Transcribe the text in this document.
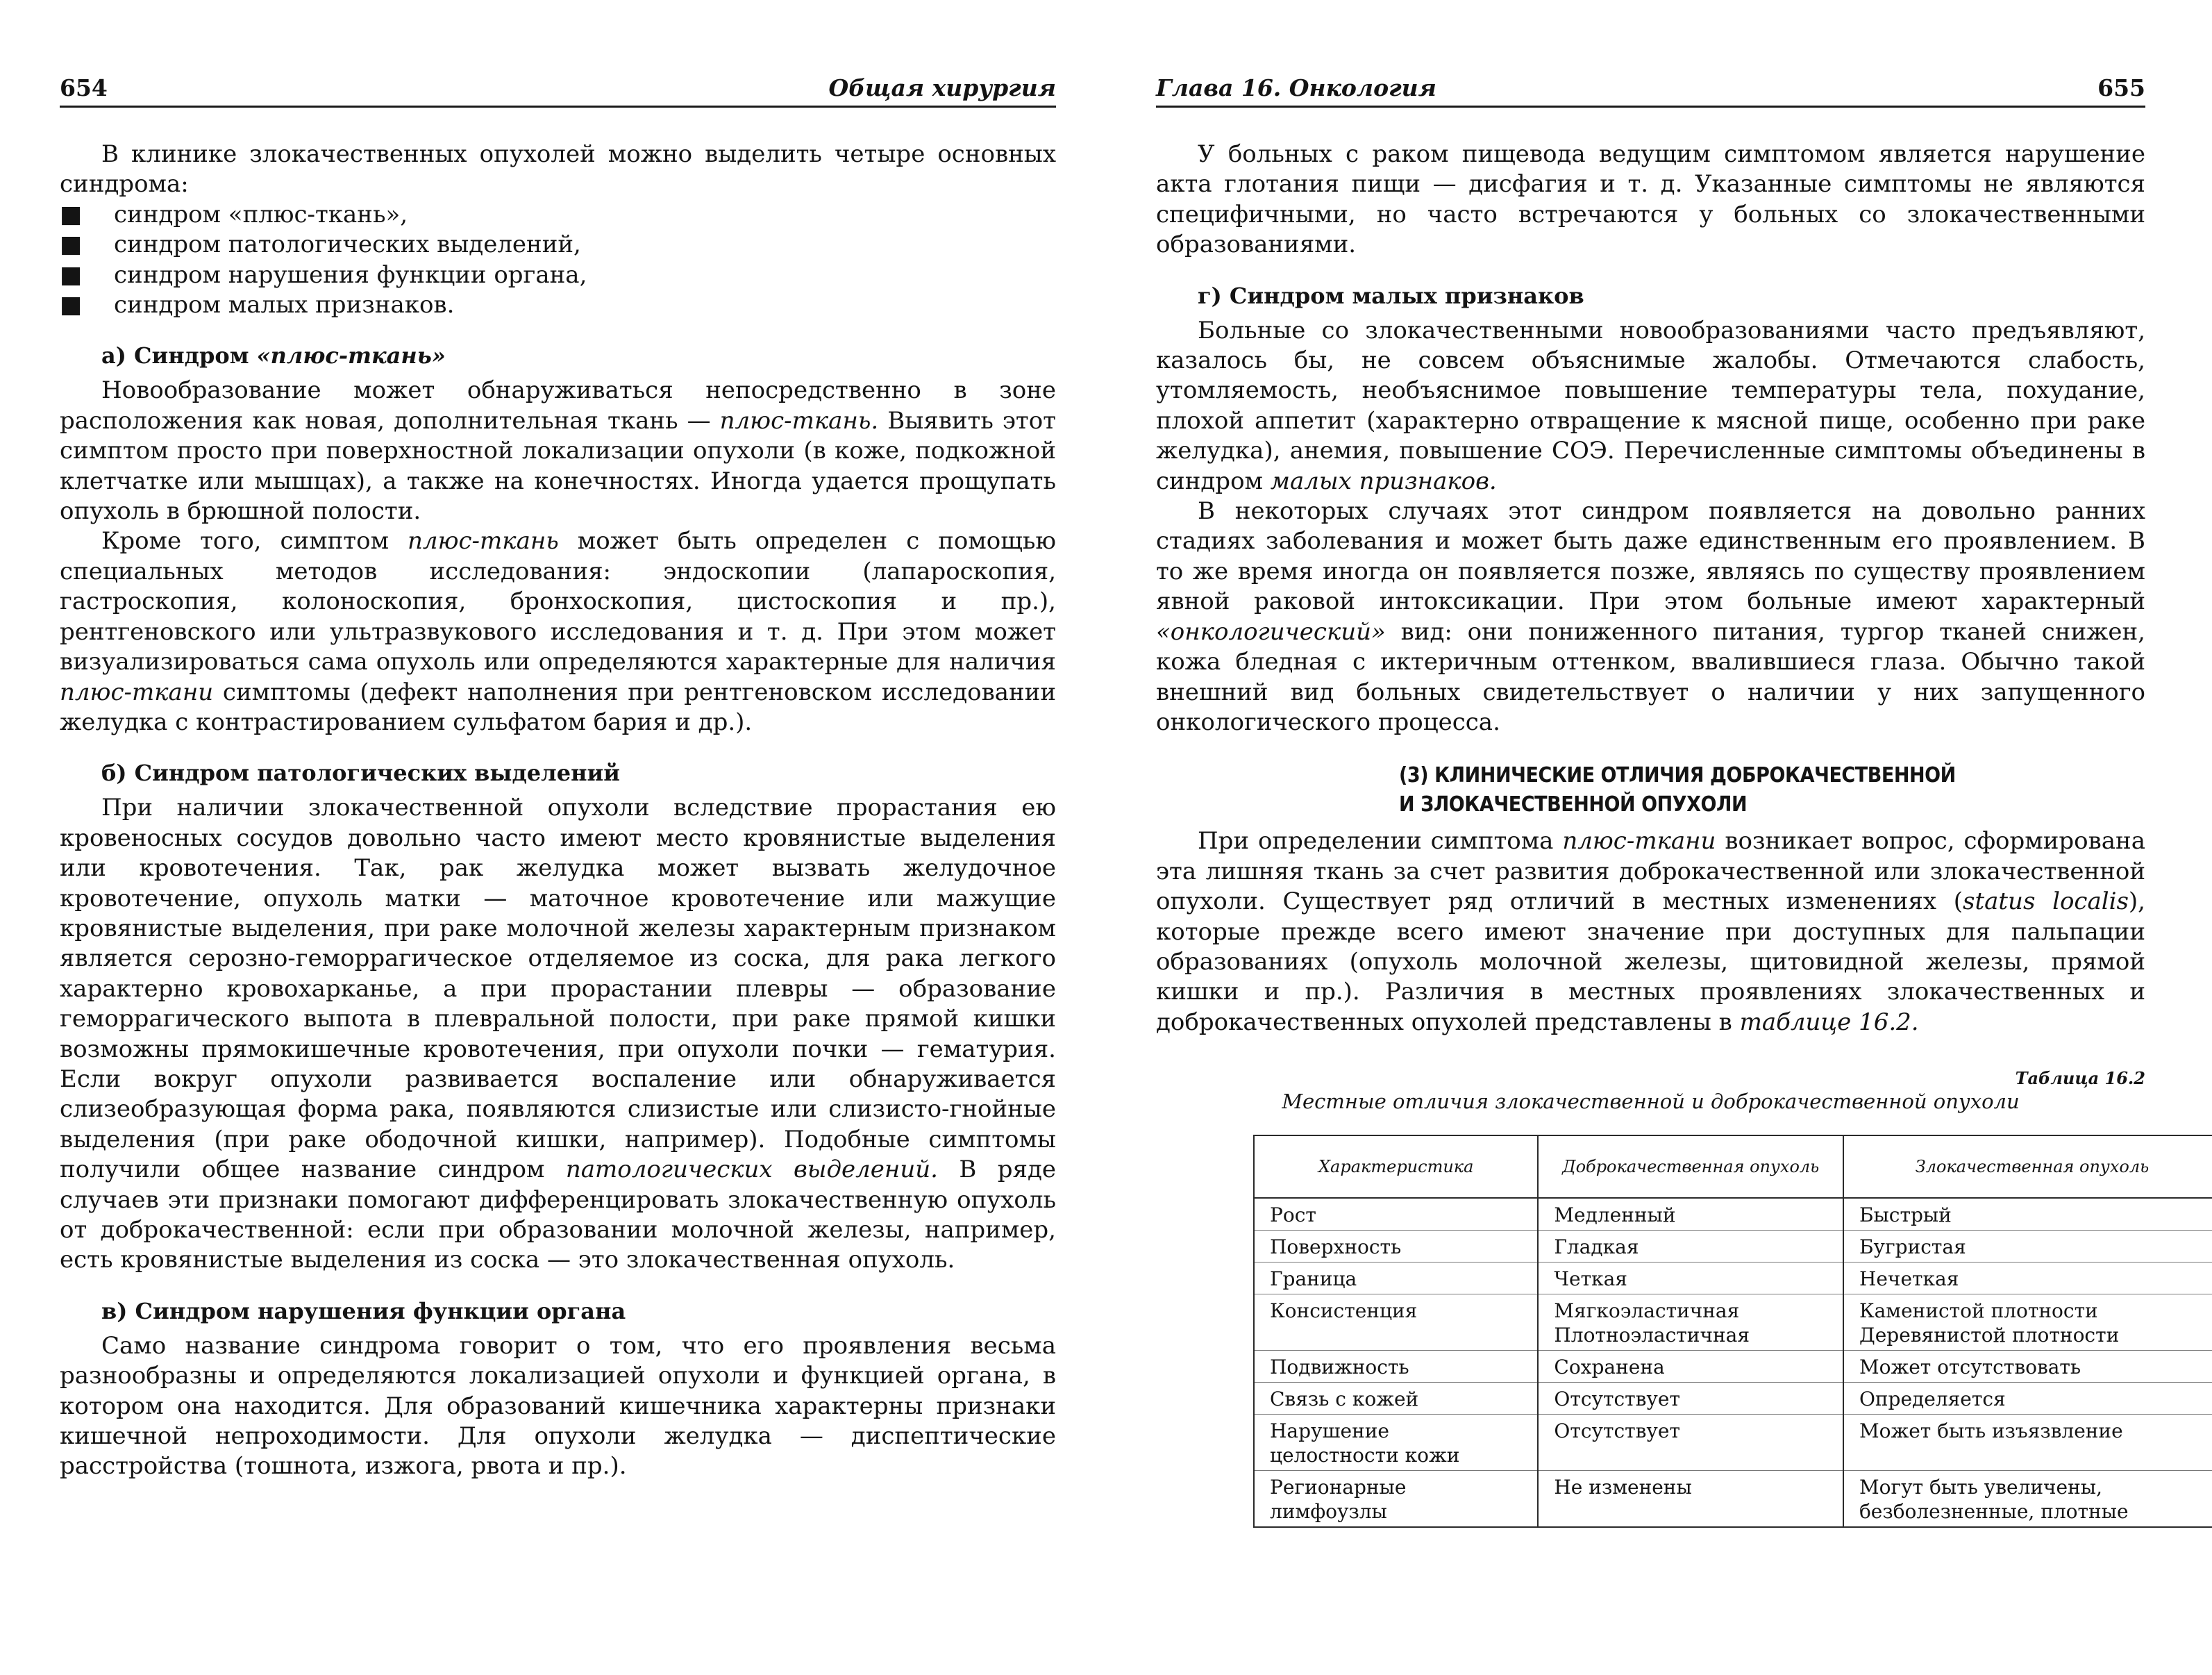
654	Общая хирургия

В клинике злокачественных опухолей можно выделить четыре основных синдрома:

■ синдром «плюс-ткань»,
■ синдром патологических выделений,
■ синдром нарушения функции органа,
■ синдром малых признаков.
а) Синдром «плюс-ткань»

Новообразование может обнаруживаться непосредственно в зоне расположения как новая, дополнительная ткань — плюс-ткань. Выявить этот симптом просто при поверхностной локализации опухоли (в коже, подкожной клетчатке или мышцах), а также на конечностях. Иногда удается прощупать опухоль в брюшной полости.

Кроме того, симптом плюс-ткань может быть определен с помощью специальных методов исследования: эндоскопии (лапароскопия, гастроскопия, колоноскопия, бронхоскопия, цистоскопия и пр.), рентгеновского или ультразвукового исследования и т. д. При этом может визуализироваться сама опухоль или определяются характерные для наличия плюс-ткани симптомы (дефект наполнения при рентгеновском исследовании желудка с контрастированием сульфатом бария и др.).

б) Синдром патологических выделений

При наличии злокачественной опухоли вследствие прорастания ею кровеносных сосудов довольно часто имеют место кровянистые выделения или кровотечения. Так, рак желудка может вызвать желудочное кровотечение, опухоль матки — маточное кровотечение или мажущие кровянистые выделения, при раке молочной железы характерным признаком является серозно-геморрагическое отделяемое из соска, для рака легкого характерно кровохарканье, а при прорастании плевры — образование геморрагического выпота в плевральной полости, при раке прямой кишки возможны прямокишечные кровотечения, при опухоли почки — гематурия. Если вокруг опухоли развивается воспаление или обнаруживается слизеобразующая форма рака, появляются слизистые или слизисто-гнойные выделения (при раке ободочной кишки, например). Подобные симптомы получили общее название синдром патологических выделений. В ряде случаев эти признаки помогают дифференцировать злокачественную опухоль от доброкачественной: если при образовании молочной железы, например, есть кровянистые выделения из соска — это злокачественная опухоль.

в) Синдром нарушения функции органа

Само название синдрома говорит о том, что его проявления весьма разнообразны и определяются локализацией опухоли и функцией органа, в котором она находится. Для образований кишечника характерны признаки кишечной непроходимости. Для опухоли желудка — диспептические расстройства (тошнота, изжога, рвота и пр.).

Глава 16. Онкология	655

У больных с раком пищевода ведущим симптомом является нарушение акта глотания пищи — дисфагия и т. д. Указанные симптомы не являются специфичными, но часто встречаются у больных со злокачественными образованиями.

г) Синдром малых признаков

Больные со злокачественными новообразованиями часто предъявляют, казалось бы, не совсем объяснимые жалобы. Отмечаются слабость, утомляемость, необъяснимое повышение температуры тела, похудание, плохой аппетит (характерно отвращение к мясной пище, особенно при раке желудка), анемия, повышение СОЭ. Перечисленные симптомы объединены в синдром малых признаков.

В некоторых случаях этот синдром появляется на довольно ранних стадиях заболевания и может быть даже единственным его проявлением. В то же время иногда он появляется позже, являясь по существу проявлением явной раковой интоксикации. При этом больные имеют характерный «онкологический» вид: они пониженного питания, тургор тканей снижен, кожа бледная с иктеричным оттенком, ввалившиеся глаза. Обычно такой внешний вид больных свидетельствует о наличии у них запущенного онкологического процесса.

(3) КЛИНИЧЕСКИЕ ОТЛИЧИЯ ДОБРОКАЧЕСТВЕННОЙ
И ЗЛОКАЧЕСТВЕННОЙ ОПУХОЛИ

При определении симптома плюс-ткани возникает вопрос, сформирована эта лишняя ткань за счет развития доброкачественной или злокачественной опухоли. Существует ряд отличий в местных изменениях (status localis), которые прежде всего имеют значение при доступных для пальпации образованиях (опухоль молочной железы, щитовидной железы, прямой кишки и пр.). Различия в местных проявлениях злокачественных и доброкачественных опухолей представлены в таблице 16.2.

Таблица 16.2
Местные отличия злокачественной и доброкачественной опухоли
Характеристика	Доброкачественная опухоль	Злокачественная опухоль
Рост	Медленный	Быстрый
Поверхность	Гладкая	Бугристая
Граница	Четкая	Нечеткая
Консистенция	Мягкоэластичная Плотноэластичная	Каменистой плотности Деревянистой плотности
Подвижность	Сохранена	Может отсутствовать
Связь с кожей	Отсутствует	Определяется
Нарушение целостности кожи	Отсутствует	Может быть изъязвление
Регионарные лимфоузлы	Не изменены	Могут быть увеличены, безболезненные, плотные
